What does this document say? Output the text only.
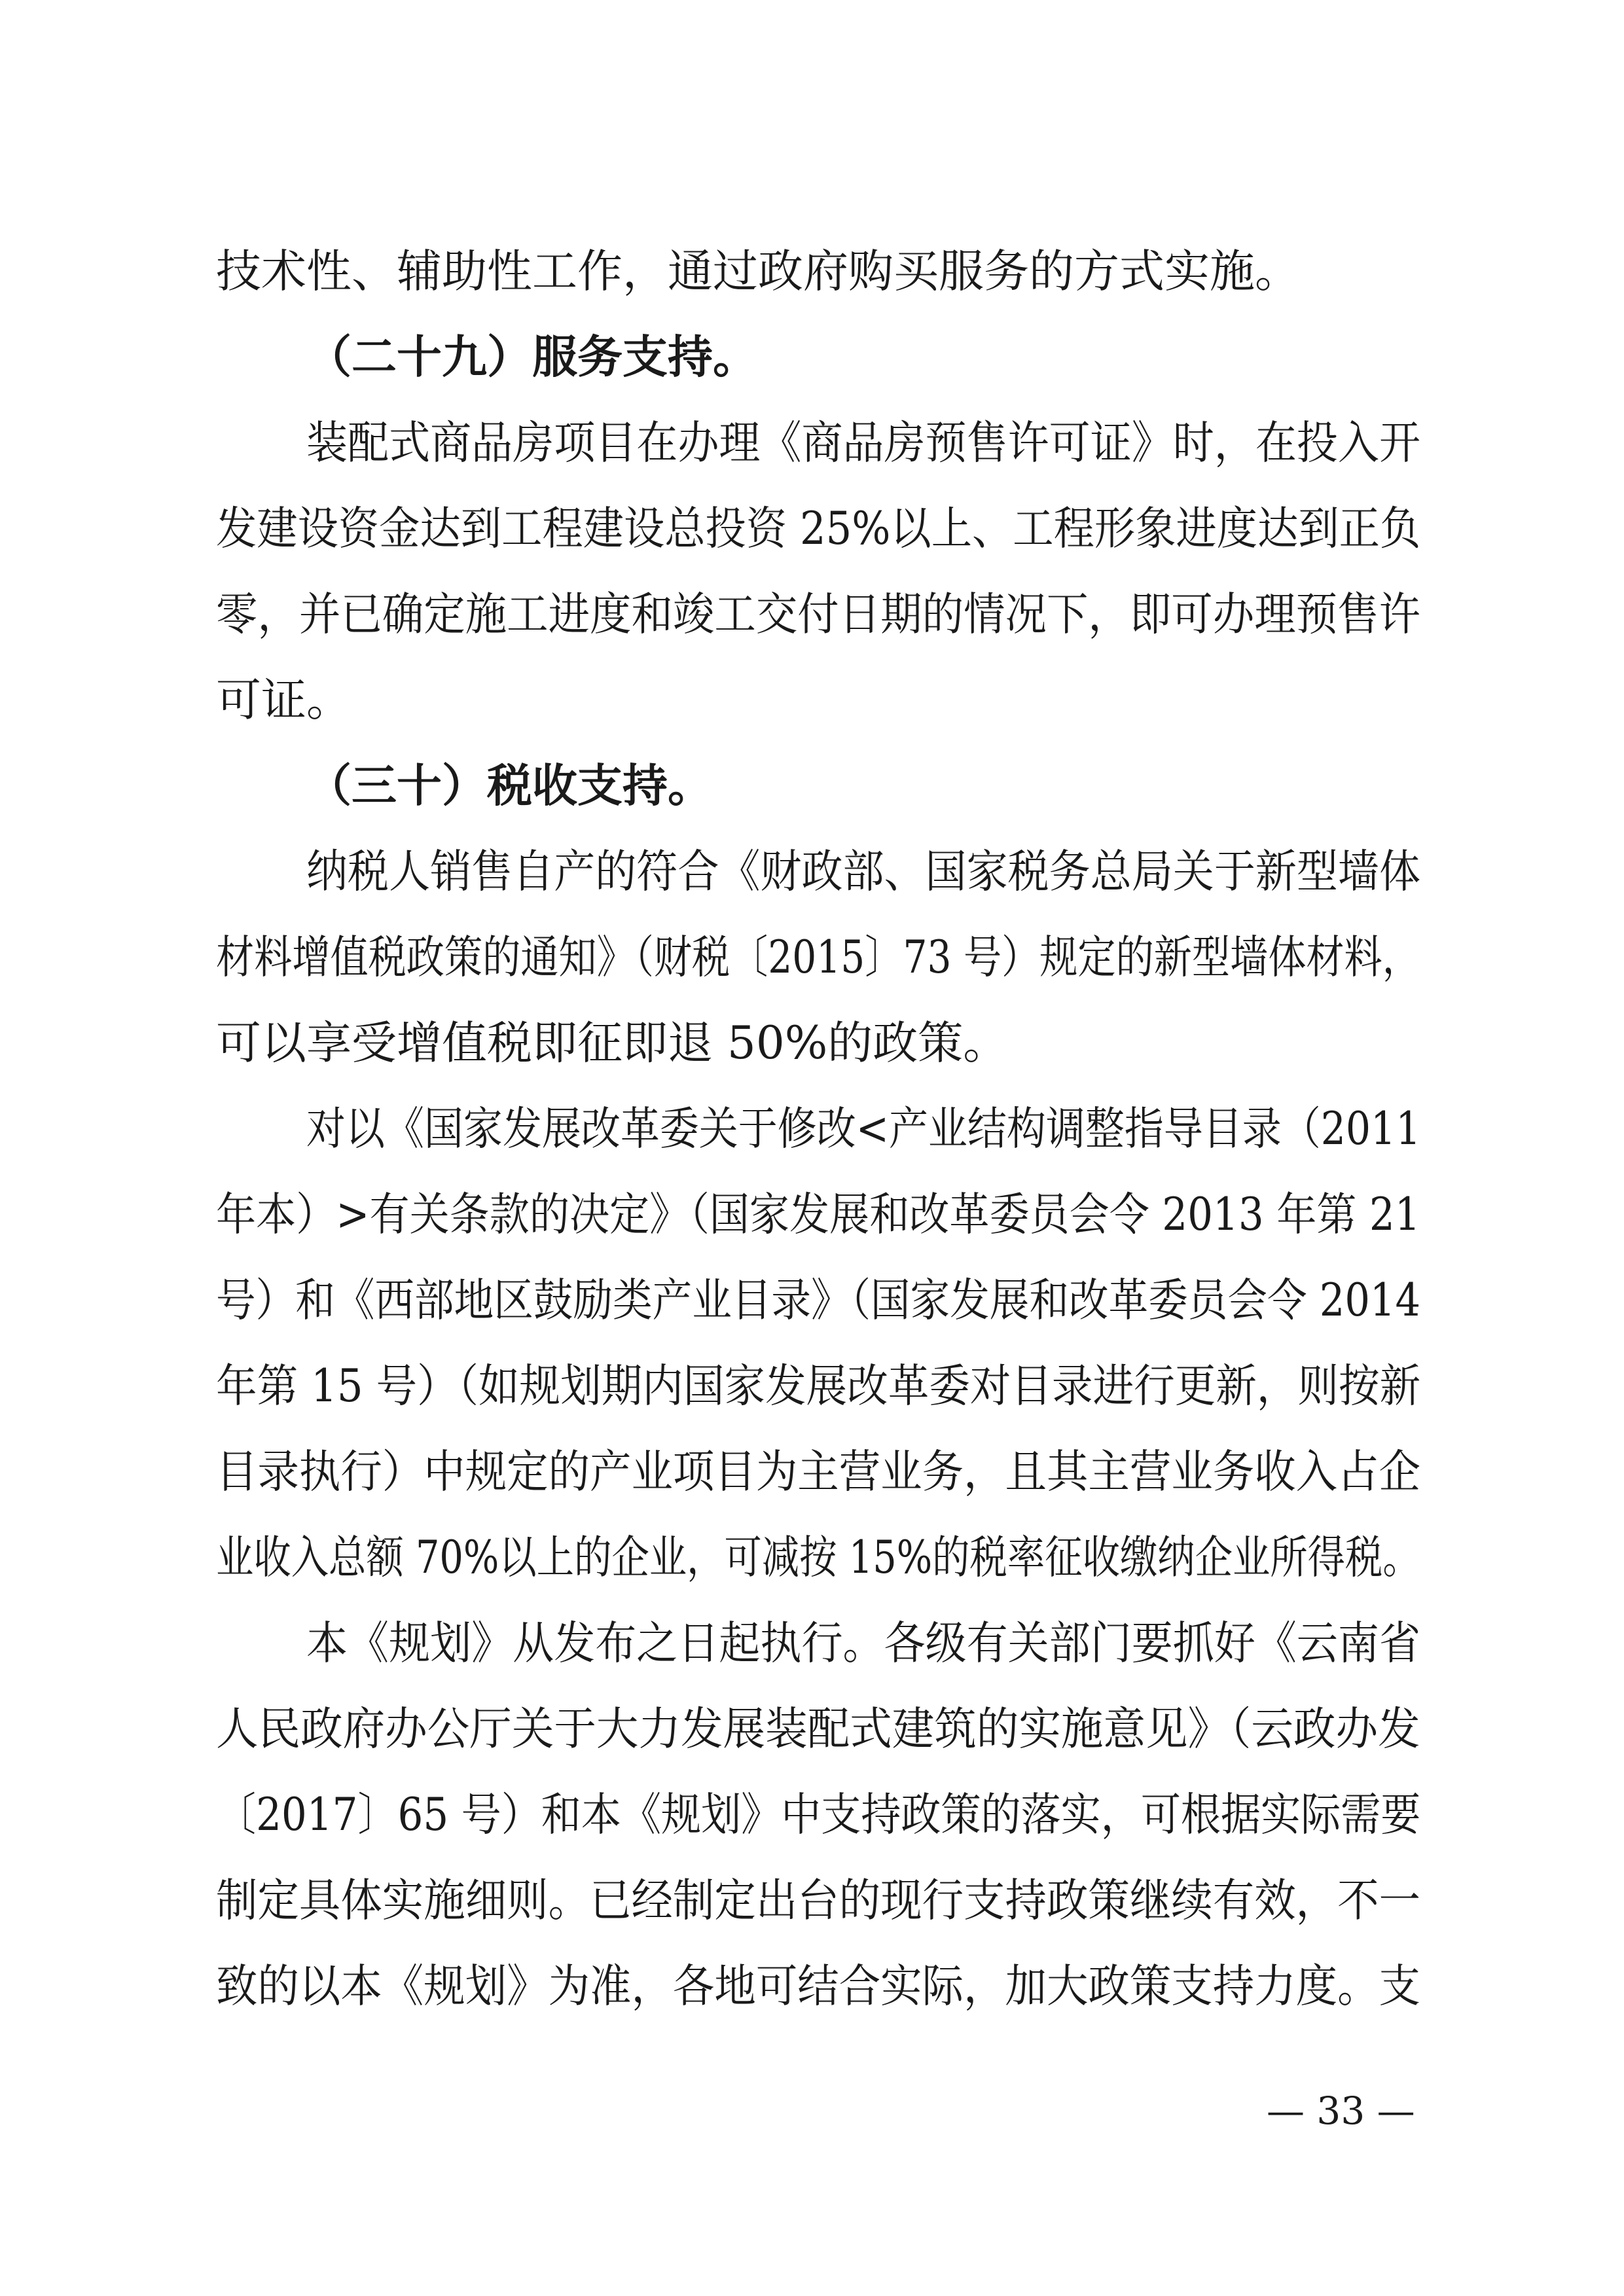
技术性、辅助性工作，通过政府购买服务的方式实施。
（二十九）服务支持。
装配式商品房项目在办理《商品房预售许可证》时，在投入开
发建设资金达到工程建设总投资 25%以上、工程形象进度达到正负
零，并已确定施工进度和竣工交付日期的情况下，即可办理预售许
可证。
（三十）税收支持。
纳税人销售自产的符合《财政部、国家税务总局关于新型墙体
材料增值税政策的通知》（财税〔2015〕73 号）规定的新型墙体材料，
可以享受增值税即征即退 50%的政策。
对以《国家发展改革委关于修改<产业结构调整指导目录（2011
年本）>有关条款的决定》（国家发展和改革委员会令 2013 年第 21
号）和《西部地区鼓励类产业目录》（国家发展和改革委员会令 2014
年第 15 号）（如规划期内国家发展改革委对目录进行更新，则按新
目录执行）中规定的产业项目为主营业务，且其主营业务收入占企
业收入总额 70%以上的企业，可减按 15%的税率征收缴纳企业所得税。
本《规划》从发布之日起执行。各级有关部门要抓好《云南省
人民政府办公厅关于大力发展装配式建筑的实施意见》（云政办发
〔2017〕65 号）和本《规划》中支持政策的落实，可根据实际需要
制定具体实施细则。已经制定出台的现行支持政策继续有效，不一
致的以本《规划》为准，各地可结合实际，加大政策支持力度。支
— 33 —
